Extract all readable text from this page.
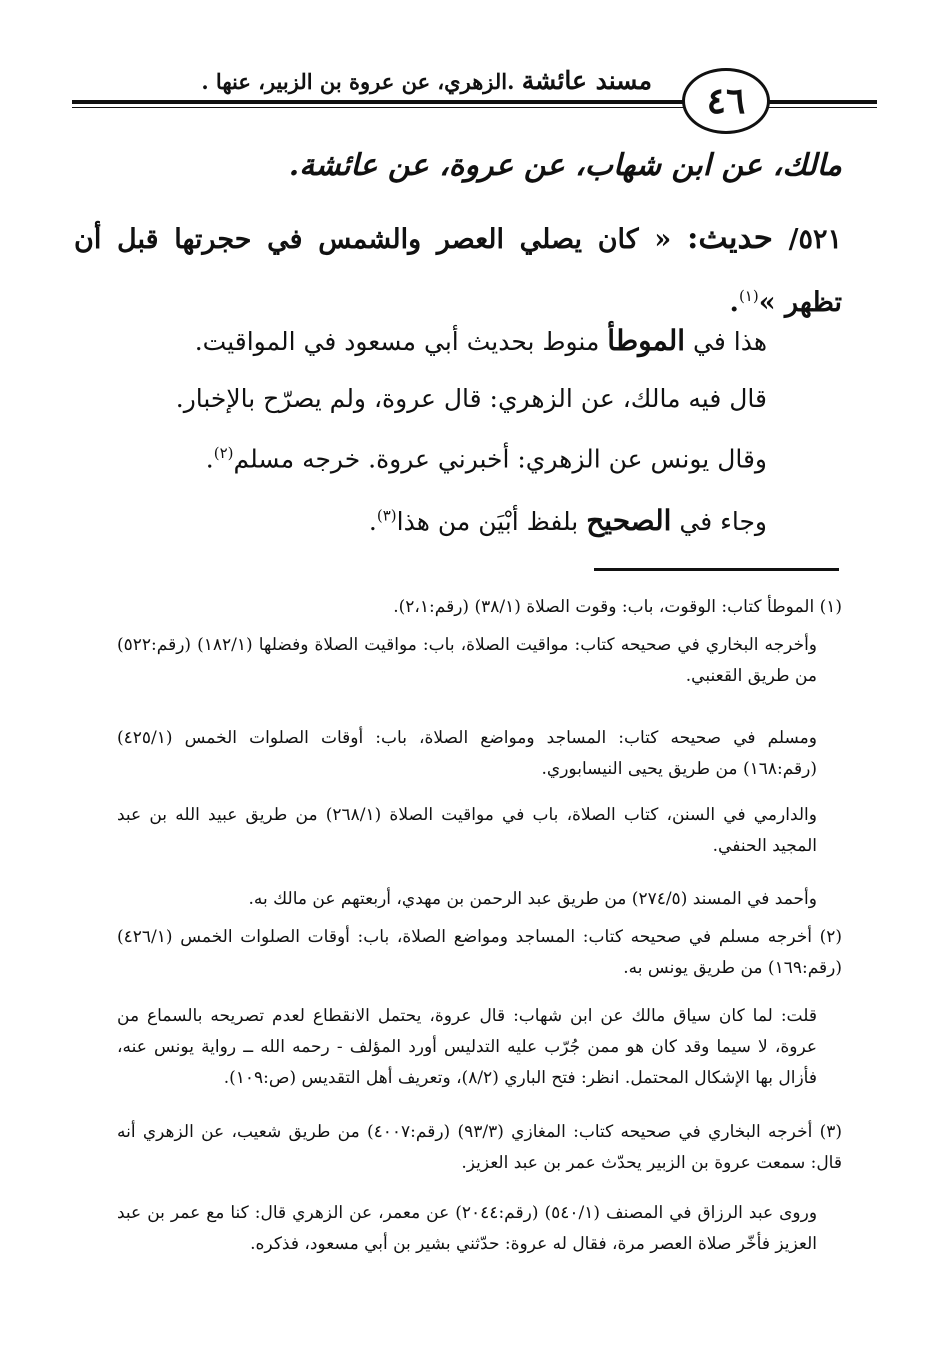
٤٦
مسند عائشة .الزهري، عن عروة بن الزبير، عنها .
مالك، عن ابن شهاب، عن عروة، عن عائشة.
٥٢١/ حديث: « كان يصلي العصر والشمس في حجرتها قبل أن تظهر »$^{(١)}$.
هذا في الموطأ منوط بحديث أبي مسعود في المواقيت.
قال فيه مالك، عن الزهري: قال عروة، ولم يصرّح بالإخبار.
وقال يونس عن الزهري: أخبرني عروة. خرجه مسلم$^{(٢)}$.
وجاء في الصحيح بلفظ أبْيَن من هذا$^{(٣)}$.
(١) الموطأ كتاب: الوقوت، باب: وقوت الصلاة (٣٨/١) (رقم:٢،١).
وأخرجه البخاري في صحيحه كتاب: مواقيت الصلاة، باب: مواقيت الصلاة وفضلها (١٨٢/١) (رقم:٥٢٢) من طريق القعنبي.
ومسلم في صحيحه كتاب: المساجد ومواضع الصلاة، باب: أوقات الصلوات الخمس (٤٢٥/١) (رقم:١٦٨) من طريق يحيى النيسابوري.
والدارمي في السنن، كتاب الصلاة، باب في مواقيت الصلاة (٢٦٨/١) من طريق عبيد الله بن عبد المجيد الحنفي.
وأحمد في المسند (٢٧٤/٥) من طريق عبد الرحمن بن مهدي، أربعتهم عن مالك به.
(٢) أخرجه مسلم في صحيحه كتاب: المساجد ومواضع الصلاة، باب: أوقات الصلوات الخمس (٤٢٦/١) (رقم:١٦٩) من طريق يونس به.
قلت: لما كان سياق مالك عن ابن شهاب: قال عروة، يحتمل الانقطاع لعدم تصريحه بالسماع من عروة، لا سيما وقد كان هو ممن جُرّب عليه التدليس أورد المؤلف - رحمه الله ــ رواية يونس عنه، فأزال بها الإشكال المحتمل. انظر: فتح الباري (٨/٢)، وتعريف أهل التقديس (ص:١٠٩).
(٣) أخرجه البخاري في صحيحه كتاب: المغازي (٩٣/٣) (رقم:٤٠٠٧) من طريق شعيب، عن الزهري أنه قال: سمعت عروة بن الزبير يحدّث عمر بن عبد العزيز.
وروى عبد الرزاق في المصنف (٥٤٠/١) (رقم:٢٠٤٤) عن معمر، عن الزهري قال: كنا مع عمر بن عبد العزيز فأخّر صلاة العصر مرة، فقال له عروة: حدّثني بشير بن أبي مسعود، فذكره.
